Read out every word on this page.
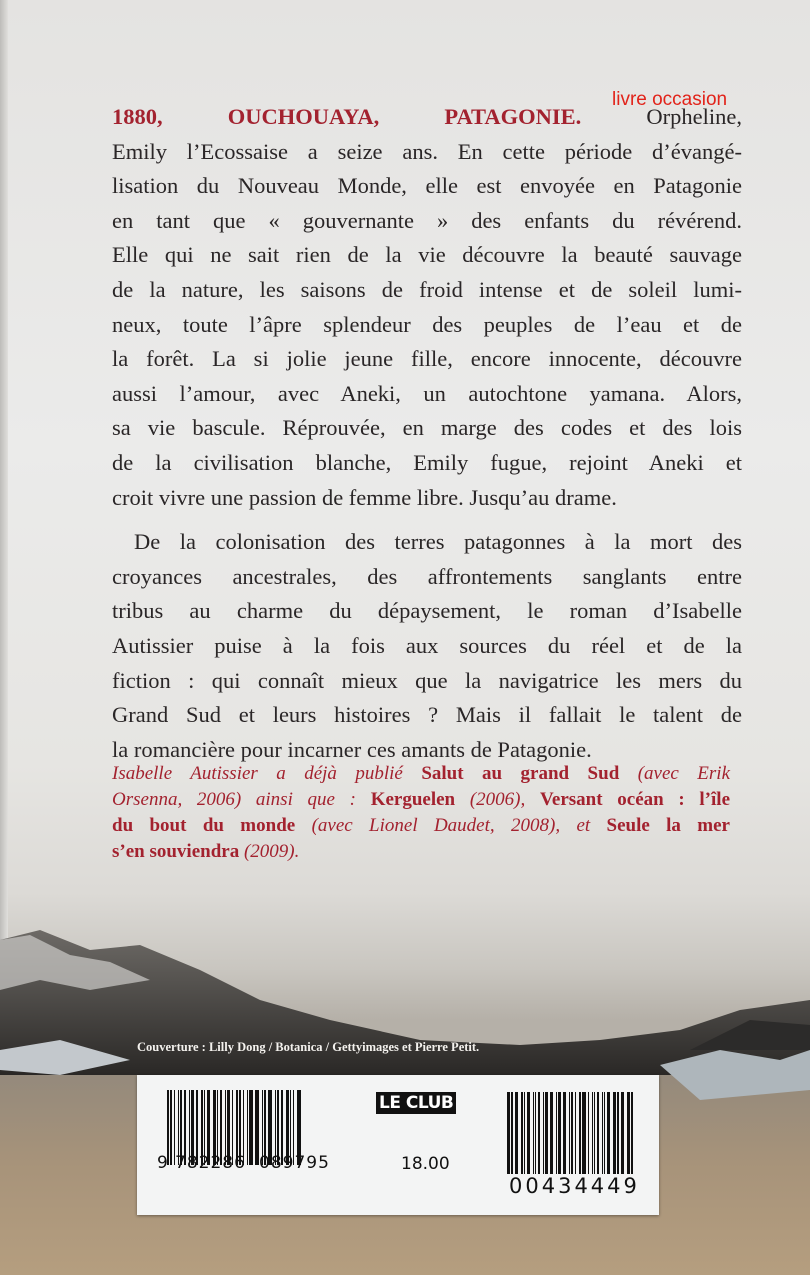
livre occasion
1880, OUCHOUAYA, PATAGONIE. Orpheline,
Emily l’Ecossaise a seize ans. En cette période d’évangé-
lisation du Nouveau Monde, elle est envoyée en Patagonie
en tant que « gouvernante » des enfants du révérend.
Elle qui ne sait rien de la vie découvre la beauté sauvage
de la nature, les saisons de froid intense et de soleil lumi-
neux, toute l’âpre splendeur des peuples de l’eau et de
la forêt. La si jolie jeune fille, encore innocente, découvre
aussi l’amour, avec Aneki, un autochtone yamana. Alors,
sa vie bascule. Réprouvée, en marge des codes et des lois
de la civilisation blanche, Emily fugue, rejoint Aneki et
croit vivre une passion de femme libre. Jusqu’au drame.
De la colonisation des terres patagonnes à la mort des
croyances ancestrales, des affrontements sanglants entre
tribus au charme du dépaysement, le roman d’Isabelle
Autissier puise à la fois aux sources du réel et de la
fiction : qui connaît mieux que la navigatrice les mers du
Grand Sud et leurs histoires ? Mais il fallait le talent de
la romancière pour incarner ces amants de Patagonie.
Isabelle Autissier a déjà publié Salut au grand Sud (avec Erik
Orsenna, 2006) ainsi que : Kerguelen (2006), Versant océan : l’île
du bout du monde (avec Lionel Daudet, 2008), et Seule la mer
s’en souviendra (2009).
Couverture : Lilly Dong / Botanica / Gettyimages et Pierre Petit.
9 782286 089795
LE CLUB
18.00
00434449
